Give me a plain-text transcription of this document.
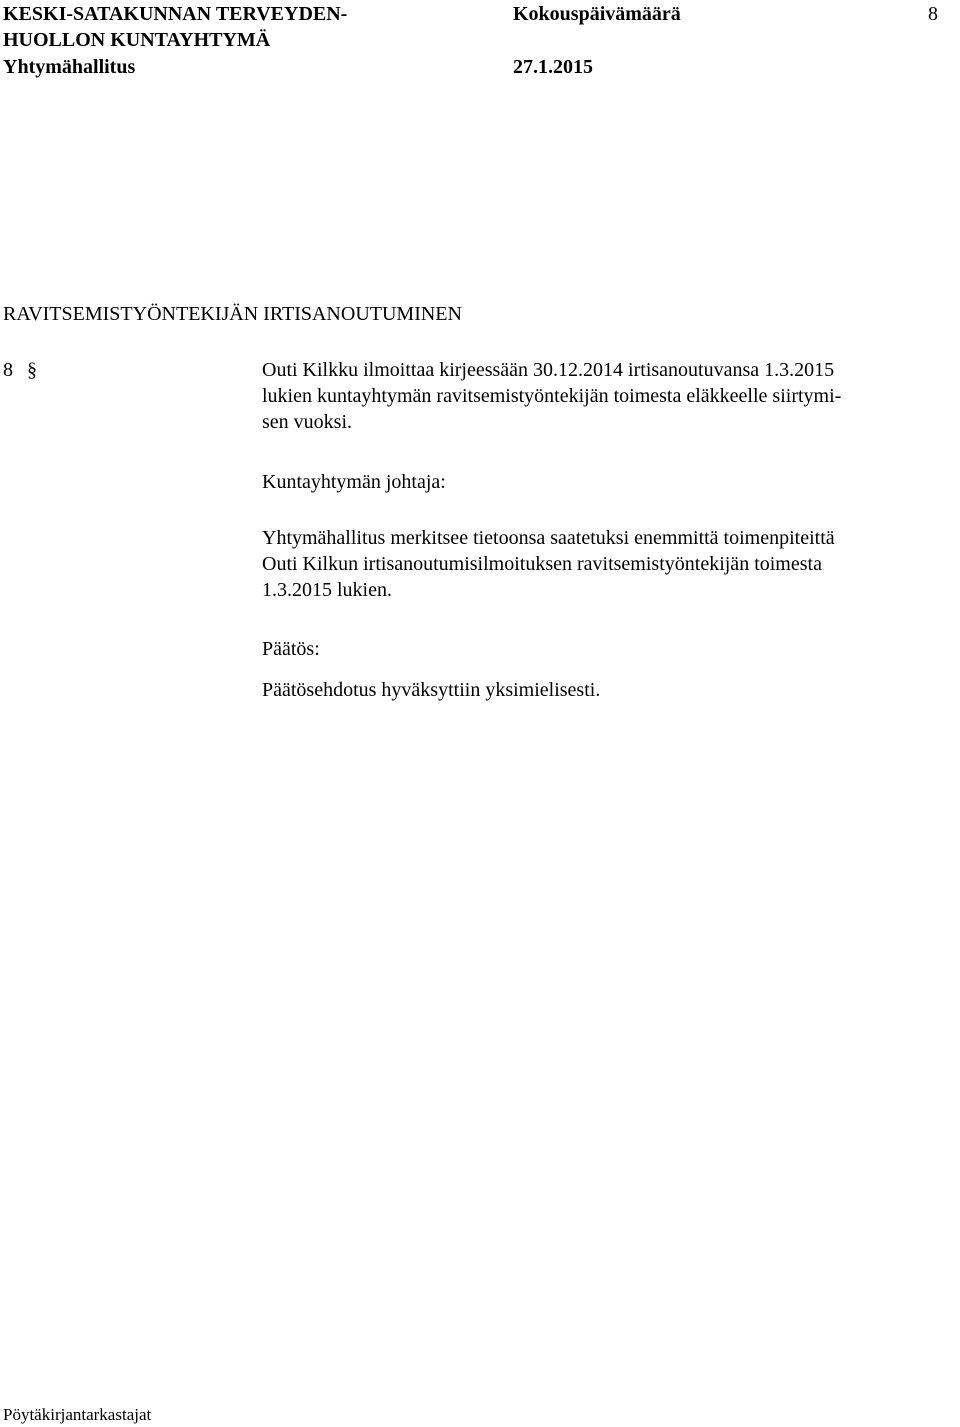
KESKI-SATAKUNNAN TERVEYDEN-
HUOLLON KUNTAYHTYMÄ
Yhtymähallitus
Kokouspäivämäärä
27.1.2015
8
RAVITSEMISTYÖNTEKIJÄN IRTISANOUTUMINEN
8 §	Outi Kilkku ilmoittaa kirjeessään 30.12.2014 irtisanoutuvansa 1.3.2015
lukien kuntayhtymän ravitsemistyöntekijän toimesta eläkkeelle siirtymi-
sen vuoksi.
Kuntayhtymän johtaja:
Yhtymähallitus merkitsee tietoonsa saatetuksi enemmittä toimenpiteittä
Outi Kilkun irtisanoutumisilmoituksen ravitsemistyöntekijän toimesta
1.3.2015 lukien.
Päätös:
Päätösehdotus hyväksyttiin yksimielisesti.
Pöytäkirjantarkastajat
